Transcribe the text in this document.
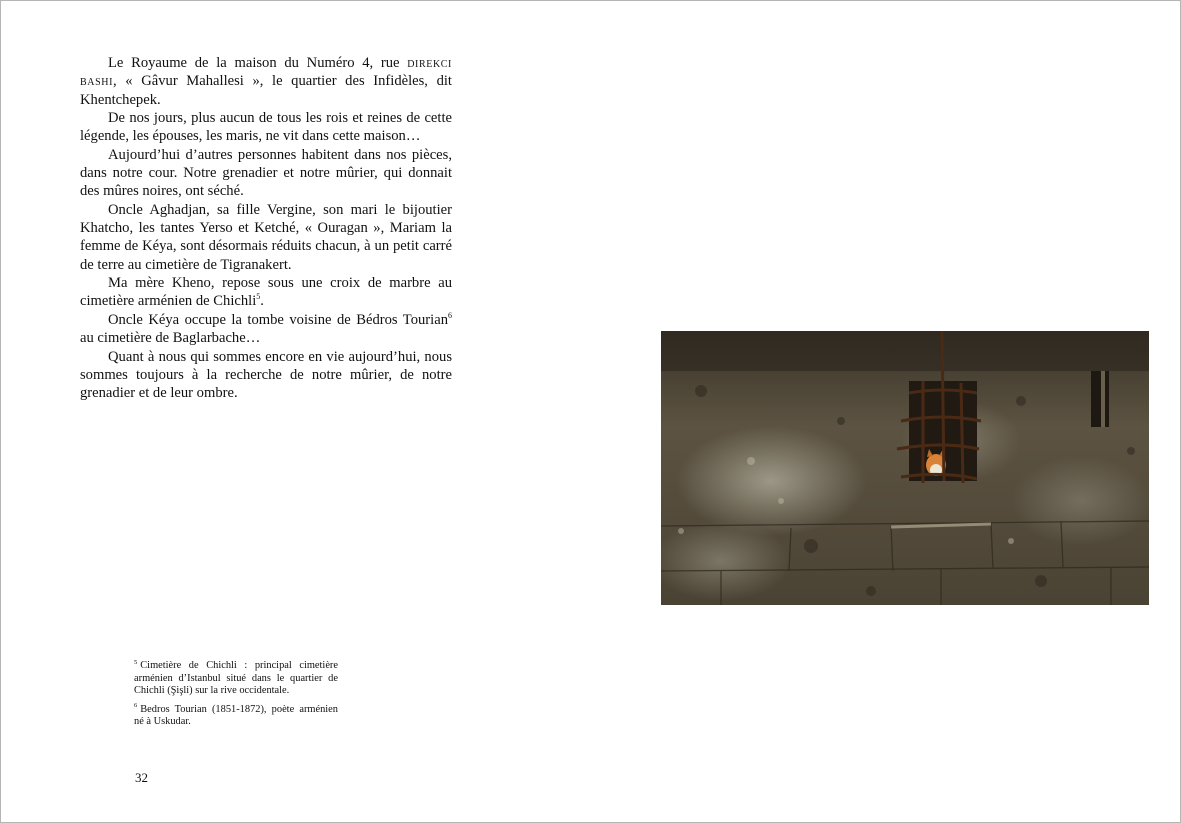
Le Royaume de la maison du Numéro 4, rue direkci bashi, « Gâvur Mahallesi », le quartier des Infidèles, dit Khentchepek.

De nos jours, plus aucun de tous les rois et reines de cette légende, les épouses, les maris, ne vit dans cette maison…

Aujourd’hui d’autres personnes habitent dans nos pièces, dans notre cour. Notre grenadier et notre mûrier, qui donnait des mûres noires, ont séché.

Oncle Aghadjan, sa fille Vergine, son mari le bijoutier Khatcho, les tantes Yerso et Ketché, « Ouragan », Mariam la femme de Kéya, sont désormais réduits chacun, à un petit carré de terre au cimetière de Tigranakert.

Ma mère Kheno, repose sous une croix de marbre au cimetière arménien de Chichli$^5$.

Oncle Kéya occupe la tombe voisine de Bédros Tourian$^6$ au cimetière de Baglarbache…

Quant à nous qui sommes encore en vie aujourd’hui, nous sommes toujours à la recherche de notre mûrier, de notre grenadier et de leur ombre.

$^5$ Cimetière de Chichli : principal cimetière arménien d’Istanbul situé dans le quartier de Chichli (Şişli) sur la rive occidentale.

$^6$ Bedros Tourian (1851-1872), poète arménien né à Uskudar.

32
